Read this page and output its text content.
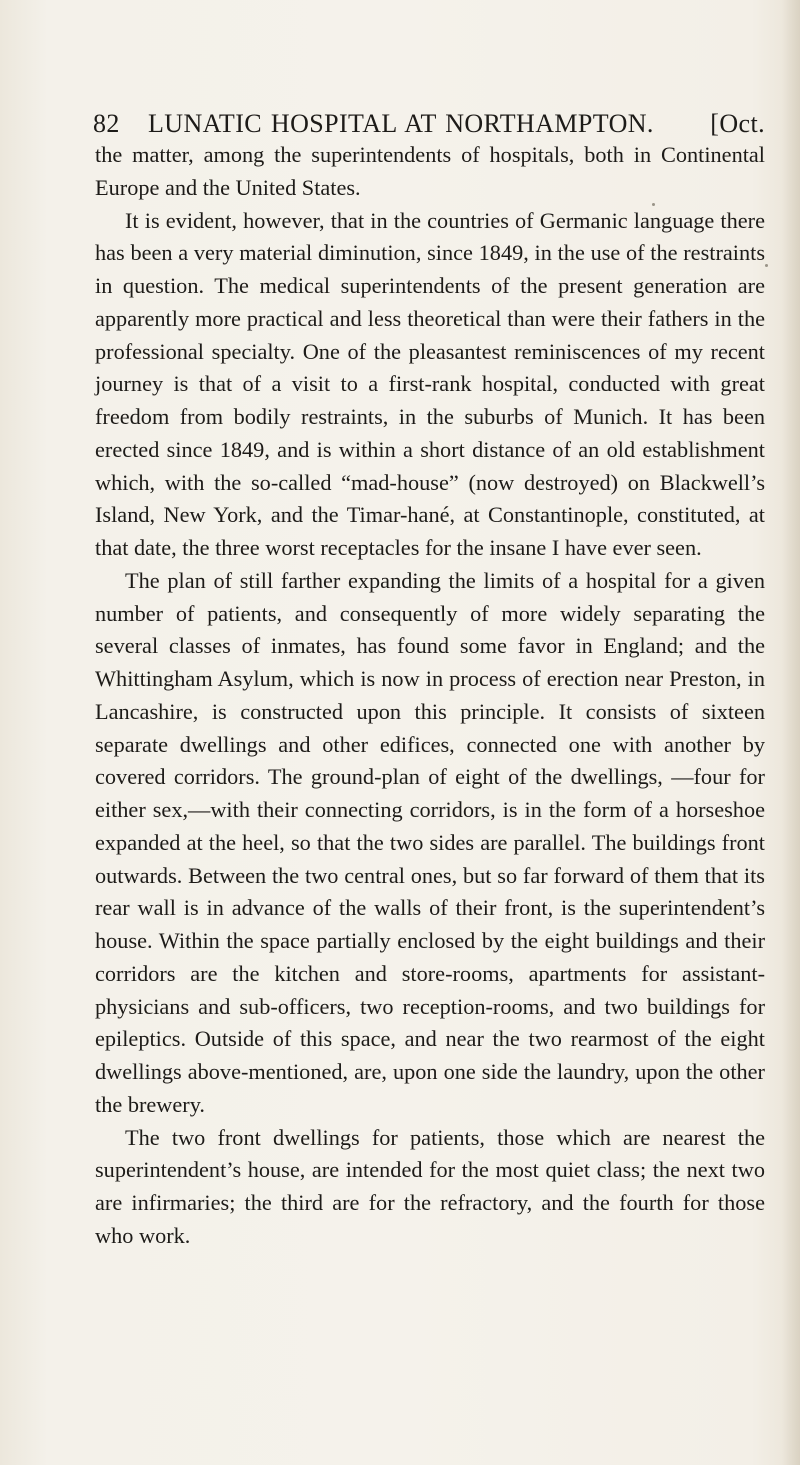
82 LUNATIC HOSPITAL AT NORTHAMPTON. [Oct.

the matter, among the superintendents of hospitals, both in Continental Europe and the United States.

It is evident, however, that in the countries of Germanic language there has been a very material diminution, since 1849, in the use of the restraints in question. The medical superintendents of the present generation are apparently more practical and less theoretical than were their fathers in the professional specialty. One of the pleasantest reminiscences of my recent journey is that of a visit to a first-rank hospital, conducted with great freedom from bodily restraints, in the suburbs of Munich. It has been erected since 1849, and is within a short distance of an old establishment which, with the so-called “mad-house” (now destroyed) on Blackwell’s Island, New York, and the Timar-hané, at Constantinople, constituted, at that date, the three worst receptacles for the insane I have ever seen.

The plan of still farther expanding the limits of a hospital for a given number of patients, and consequently of more widely separating the several classes of inmates, has found some favor in England; and the Whittingham Asylum, which is now in process of erection near Preston, in Lancashire, is constructed upon this principle. It consists of sixteen separate dwellings and other edifices, connected one with another by covered corridors. The ground-plan of eight of the dwellings, —four for either sex,—with their connecting corridors, is in the form of a horseshoe expanded at the heel, so that the two sides are parallel. The buildings front outwards. Between the two central ones, but so far forward of them that its rear wall is in advance of the walls of their front, is the superintendent’s house. Within the space partially enclosed by the eight buildings and their corridors are the kitchen and store-rooms, apartments for assistant-physicians and sub-officers, two reception-rooms, and two buildings for epileptics. Outside of this space, and near the two rearmost of the eight dwellings above-mentioned, are, upon one side the laundry, upon the other the brewery.

The two front dwellings for patients, those which are nearest the superintendent’s house, are intended for the most quiet class; the next two are infirmaries; the third are for the refractory, and the fourth for those who work.
